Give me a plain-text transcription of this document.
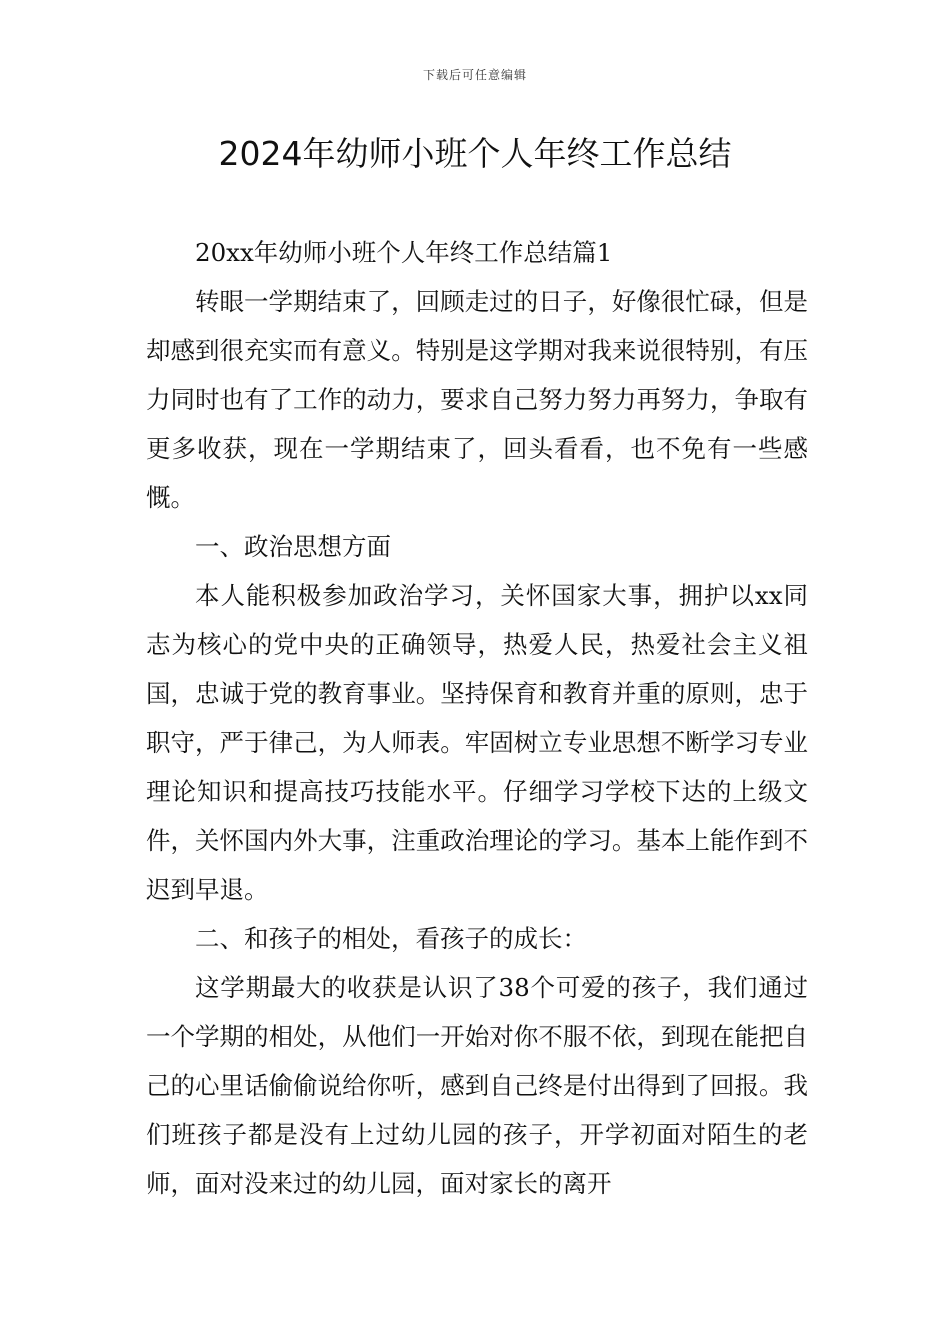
下载后可任意编辑
2024年幼师小班个人年终工作总结

20xx年幼师小班个人年终工作总结篇1

转眼一学期结束了，回顾走过的日子，好像很忙碌，但是却感到很充实而有意义。特别是这学期对我来说很特别，有压力同时也有了工作的动力，要求自己努力努力再努力，争取有更多收获，现在一学期结束了，回头看看，也不免有一些感慨。

一、政治思想方面

本人能积极参加政治学习，关怀国家大事，拥护以xx同志为核心的党中央的正确领导，热爱人民，热爱社会主义祖国，忠诚于党的教育事业。坚持保育和教育并重的原则，忠于职守，严于律己，为人师表。牢固树立专业思想不断学习专业理论知识和提高技巧技能水平。仔细学习学校下达的上级文件，关怀国内外大事，注重政治理论的学习。基本上能作到不迟到早退。

二、和孩子的相处，看孩子的成长：

这学期最大的收获是认识了38个可爱的孩子，我们通过一个学期的相处，从他们一开始对你不服不依，到现在能把自己的心里话偷偷说给你听，感到自己终是付出得到了回报。我们班孩子都是没有上过幼儿园的孩子，开学初面对陌生的老师，面对没来过的幼儿园，面对家长的离开
